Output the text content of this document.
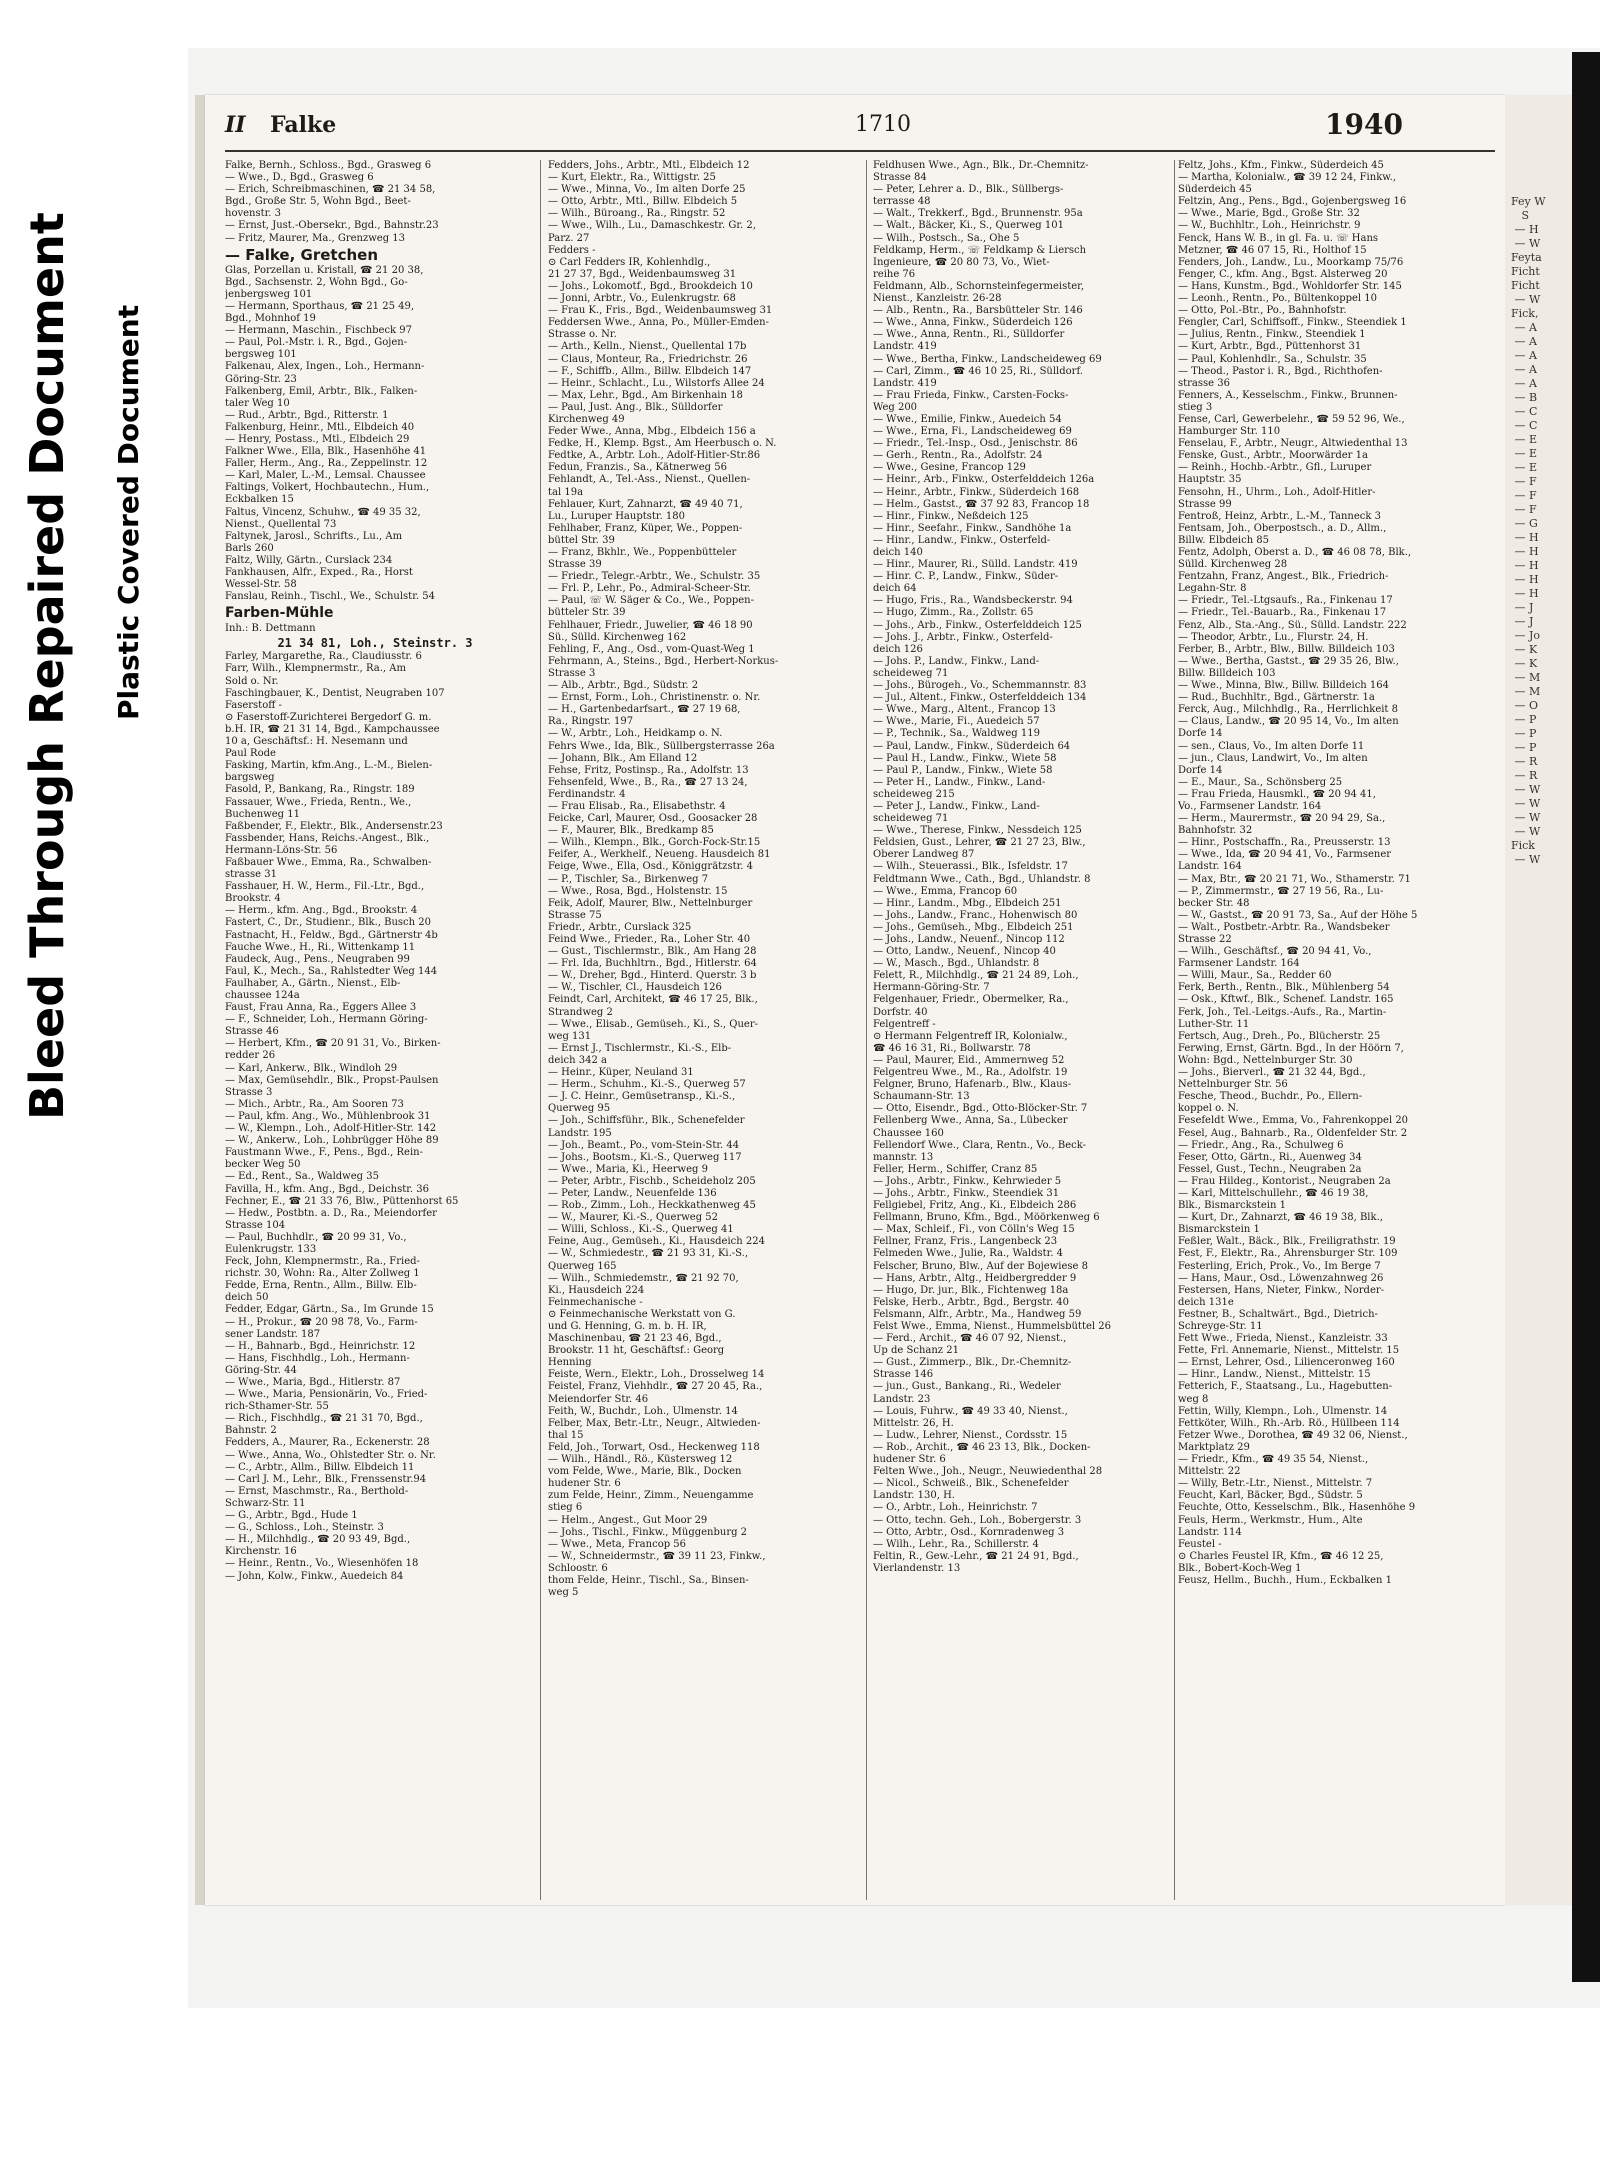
Bleed Through Repaired Document Plastic Covered Document
Fey W
S
— H
— W
Feyta
Ficht
Ficht
— W
Fick,
— A
— A
— A
— A
— A
— B
— C
— C
— E
— E
— E
— F
— F
— F
— G
— H
— H
— H
— H
— H
— J
— J
— Jo
— K
— K
— M
— M
— O
— P
— P
— P
— R
— R
— W
— W
— W
— W
Fick
— W
II Falke	1710	1940
Falke, Bernh., Schloss., Bgd., Grasweg 6
— Wwe., D., Bgd., Grasweg 6
— Erich, Schreibmaschinen, ☎ 21 34 58,
Bgd., Große Str. 5, Wohn Bgd., Beet-
hovenstr. 3
— Ernst, Just.-Obersekr., Bgd., Bahnstr.23
— Fritz, Maurer, Ma., Grenzweg 13
— Falke, Gretchen
Glas, Porzellan u. Kristall, ☎ 21 20 38,
Bgd., Sachsenstr. 2, Wohn Bgd., Go-
jenbergsweg 101
— Hermann, Sporthaus, ☎ 21 25 49,
Bgd., Mohnhof 19
— Hermann, Maschin., Fischbeck 97
— Paul, Pol.-Mstr. i. R., Bgd., Gojen-
bergsweg 101
Falkenau, Alex, Ingen., Loh., Hermann-
Göring-Str. 23
Falkenberg, Emil, Arbtr., Blk., Falken-
taler Weg 10
— Rud., Arbtr., Bgd., Ritterstr. 1
Falkenburg, Heinr., Mtl., Elbdeich 40
— Henry, Postass., Mtl., Elbdeich 29
Falkner Wwe., Ella, Blk., Hasenhöhe 41
Faller, Herm., Ang., Ra., Zeppelinstr. 12
— Karl, Maler, L.-M., Lemsal. Chaussee
Faltings, Volkert, Hochbautechn., Hum.,
Eckbalken 15
Faltus, Vincenz, Schuhw., ☎ 49 35 32,
Nienst., Quellental 73
Faltynek, Jarosl., Schrifts., Lu., Am
Barls 260
Faltz, Willy, Gärtn., Curslack 234
Fankhausen, Alfr., Exped., Ra., Horst
Wessel-Str. 58
Fanslau, Reinh., Tischl., We., Schulstr. 54
Farben-Mühle
Inh.: B. Dettmann
21 34 81, Loh., Steinstr. 3
Farley, Margarethe, Ra., Claudiusstr. 6
Farr, Wilh., Klempnermstr., Ra., Am
Sold o. Nr.
Faschingbauer, K., Dentist, Neugraben 107
Faserstoff -
⊙ Faserstoff-Zurichterei Bergedorf G. m.
b.H. IR, ☎ 21 31 14, Bgd., Kampchaussee
10 a, Geschäftsf.: H. Nesemann und
Paul Rode
Fasking, Martin, kfm.Ang., L.-M., Bielen-
bargsweg
Fasold, P., Bankang, Ra., Ringstr. 189
Fassauer, Wwe., Frieda, Rentn., We.,
Buchenweg 11
Faßbender, F., Elektr., Blk., Andersenstr.23
Fassbender, Hans, Reichs.-Angest., Blk.,
Hermann-Löns-Str. 56
Faßbauer Wwe., Emma, Ra., Schwalben-
strasse 31
Fasshauer, H. W., Herm., Fil.-Ltr., Bgd.,
Brookstr. 4
— Herm., kfm. Ang., Bgd., Brookstr. 4
Fastert, C., Dr., Studienr., Blk., Busch 20
Fastnacht, H., Feldw., Bgd., Gärtnerstr 4b
Fauche Wwe., H., Ri., Wittenkamp 11
Faudeck, Aug., Pens., Neugraben 99
Faul, K., Mech., Sa., Rahlstedter Weg 144
Faulhaber, A., Gärtn., Nienst., Elb-
chaussee 124a
Faust, Frau Anna, Ra., Eggers Allee 3
— F., Schneider, Loh., Hermann Göring-
Strasse 46
— Herbert, Kfm., ☎ 20 91 31, Vo., Birken-
redder 26
— Karl, Ankerw., Blk., Windloh 29
— Max, Gemüsehdlr., Blk., Propst-Paulsen
Strasse 3
— Mich., Arbtr., Ra., Am Sooren 73
— Paul, kfm. Ang., Wo., Mühlenbrook 31
— W., Klempn., Loh., Adolf-Hitler-Str. 142
— W., Ankerw., Loh., Lohbrügger Höhe 89
Faustmann Wwe., F., Pens., Bgd., Rein-
becker Weg 50
— Ed., Rent., Sa., Waldweg 35
Favilla, H., kfm. Ang., Bgd., Deichstr. 36
Fechner, E., ☎ 21 33 76, Blw., Püttenhorst 65
— Hedw., Postbtn. a. D., Ra., Meiendorfer
Strasse 104
— Paul, Buchhdlr., ☎ 20 99 31, Vo.,
Eulenkrugstr. 133
Feck, John, Klempnermstr., Ra., Fried-
richstr. 30, Wohn: Ra., Alter Zollweg 1
Fedde, Erna, Rentn., Allm., Billw. Elb-
deich 50
Fedder, Edgar, Gärtn., Sa., Im Grunde 15
— H., Prokur., ☎ 20 98 78, Vo., Farm-
sener Landstr. 187
— H., Bahnarb., Bgd., Heinrichstr. 12
— Hans, Fischhdlg., Loh., Hermann-
Göring-Str. 44
— Wwe., Maria, Bgd., Hitlerstr. 87
— Wwe., Maria, Pensionärin, Vo., Fried-
rich-Sthamer-Str. 55
— Rich., Fischhdlg., ☎ 21 31 70, Bgd.,
Bahnstr. 2
Fedders, A., Maurer, Ra., Eckenerstr. 28
— Wwe., Anna, Wo., Ohlstedter Str. o. Nr.
— C., Arbtr., Allm., Billw. Elbdeich 11
— Carl J. M., Lehr., Blk., Frenssenstr.94
— Ernst, Maschmstr., Ra., Berthold-
Schwarz-Str. 11
— G., Arbtr., Bgd., Hude 1
— G., Schloss., Loh., Steinstr. 3
— H., Milchhdlg., ☎ 20 93 49, Bgd.,
Kirchenstr. 16
— Heinr., Rentn., Vo., Wiesenhöfen 18
— John, Kolw., Finkw., Auedeich 84
Fedders, Johs., Arbtr., Mtl., Elbdeich 12
— Kurt, Elektr., Ra., Wittigstr. 25
— Wwe., Minna, Vo., Im alten Dorfe 25
— Otto, Arbtr., Mtl., Billw. Elbdeich 5
— Wilh., Büroang., Ra., Ringstr. 52
— Wwe., Wilh., Lu., Damaschkestr. Gr. 2,
Parz. 27
Fedders -
⊙ Carl Fedders IR, Kohlenhdlg.,
21 27 37, Bgd., Weidenbaumsweg 31
— Johs., Lokomotf., Bgd., Brookdeich 10
— Jonni, Arbtr., Vo., Eulenkrugstr. 68
— Frau K., Fris., Bgd., Weidenbaumsweg 31
Feddersen Wwe., Anna, Po., Müller-Emden-
Strasse o. Nr.
— Arth., Kelln., Nienst., Quellental 17b
— Claus, Monteur, Ra., Friedrichstr. 26
— F., Schiffb., Allm., Billw. Elbdeich 147
— Heinr., Schlacht., Lu., Wilstorfs Allee 24
— Max, Lehr., Bgd., Am Birkenhain 18
— Paul, Just. Ang., Blk., Sülldorfer
Kirchenweg 49
Feder Wwe., Anna, Mbg., Elbdeich 156 a
Fedke, H., Klemp. Bgst., Am Heerbusch o. N.
Fedtke, A., Arbtr. Loh., Adolf-Hitler-Str.86
Fedun, Franzis., Sa., Kätnerweg 56
Fehlandt, A., Tel.-Ass., Nienst., Quellen-
tal 19a
Fehlauer, Kurt, Zahnarzt, ☎ 49 40 71,
Lu., Luruper Hauptstr. 180
Fehlhaber, Franz, Küper, We., Poppen-
büttel Str. 39
— Franz, Bkhlr., We., Poppenbütteler
Strasse 39
— Friedr., Telegr.-Arbtr., We., Schulstr. 35
— Frl. P., Lehr., Po., Admiral-Scheer-Str.
— Paul, ☏ W. Säger & Co., We., Poppen-
bütteler Str. 39
Fehlhauer, Friedr., Juwelier, ☎ 46 18 90
Sü., Sülld. Kirchenweg 162
Fehling, F., Ang., Osd., vom-Quast-Weg 1
Fehrmann, A., Steins., Bgd., Herbert-Norkus-
Strasse 3
— Alb., Arbtr., Bgd., Südstr. 2
— Ernst, Form., Loh., Christinenstr. o. Nr.
— H., Gartenbedarfsart., ☎ 27 19 68,
Ra., Ringstr. 197
— W., Arbtr., Loh., Heidkamp o. N.
Fehrs Wwe., Ida, Blk., Süllbergsterrasse 26a
— Johann, Blk., Am Elland 12
Fehse, Fritz, Postinsp., Ra., Adolfstr. 13
Fehsenfeld, Wwe., B., Ra., ☎ 27 13 24,
Ferdinandstr. 4
— Frau Elisab., Ra., Elisabethstr. 4
Feicke, Carl, Maurer, Osd., Goosacker 28
— F., Maurer, Blk., Bredkamp 85
— Wilh., Klempn., Blk., Gorch-Fock-Str.15
Feifer, A., Werkhelf., Neueng. Hausdeich 81
Feige, Wwe., Ella, Osd., Königgrätzstr. 4
— P., Tischler, Sa., Birkenweg 7
— Wwe., Rosa, Bgd., Holstenstr. 15
Feik, Adolf, Maurer, Blw., Nettelnburger
Strasse 75
Friedr., Arbtr., Curslack 325
Feind Wwe., Frieder., Ra., Loher Str. 40
— Gust., Tischlermstr., Blk., Am Hang 28
— Frl. Ida, Buchhltrn., Bgd., Hitlerstr. 64
— W., Dreher, Bgd., Hinterd. Querstr. 3 b
— W., Tischler, Cl., Hausdeich 126
Feindt, Carl, Architekt, ☎ 46 17 25, Blk.,
Strandweg 2
— Wwe., Elisab., Gemüseh., Ki., S., Quer-
weg 131
— Ernst J., Tischlermstr., Ki.-S., Elb-
deich 342 a
— Heinr., Küper, Neuland 31
— Herm., Schuhm., Ki.-S., Querweg 57
— J. C. Heinr., Gemüsetransp., Ki.-S.,
Querweg 95
— Joh., Schiffsführ., Blk., Schenefelder
Landstr. 195
— Joh., Beamt., Po., vom-Stein-Str. 44
— Johs., Bootsm., Ki.-S., Querweg 117
— Wwe., Maria, Ki., Heerweg 9
— Peter, Arbtr., Fischb., Scheideholz 205
— Peter, Landw., Neuenfelde 136
— Rob., Zimm., Loh., Heckkathenweg 45
— W., Maurer, Ki.-S., Querweg 52
— Willi, Schloss., Ki.-S., Querweg 41
Feine, Aug., Gemüseh., Ki., Hausdeich 224
— W., Schmiedestr., ☎ 21 93 31, Ki.-S.,
Querweg 165
— Wilh., Schmiedemstr., ☎ 21 92 70,
Ki., Hausdeich 224
Feinmechanische -
⊙ Feinmechanische Werkstatt von G.
und G. Henning, G. m. b. H. IR,
Maschinenbau, ☎ 21 23 46, Bgd.,
Brookstr. 11 ht, Geschäftsf.: Georg
Henning
Feiste, Wern., Elektr., Loh., Drosselweg 14
Feistel, Franz, Viehhdlr., ☎ 27 20 45, Ra.,
Meiendorfer Str. 46
Feith, W., Buchdr., Loh., Ulmenstr. 14
Felber, Max, Betr.-Ltr., Neugr., Altwieden-
thal 15
Feld, Joh., Torwart, Osd., Heckenweg 118
— Wilh., Händl., Rö., Küstersweg 12
vom Felde, Wwe., Marie, Blk., Docken
hudener Str. 6
zum Felde, Heinr., Zimm., Neuengamme
stieg 6
— Helm., Angest., Gut Moor 29
— Johs., Tischl., Finkw., Müggenburg 2
— Wwe., Meta, Francop 56
— W., Schneidermstr., ☎ 39 11 23, Finkw.,
Schloostr. 6
thom Felde, Heinr., Tischl., Sa., Binsen-
weg 5
Feldhusen Wwe., Agn., Blk., Dr.-Chemnitz-
Strasse 84
— Peter, Lehrer a. D., Blk., Süllbergs-
terrasse 48
— Walt., Trekkerf., Bgd., Brunnenstr. 95a
— Walt., Bäcker, Ki., S., Querweg 101
— Wilh., Postsch., Sa., Ohe 5
Feldkamp, Herm., ☏ Feldkamp & Liersch
Ingenieure, ☎ 20 80 73, Vo., Wiet-
reihe 76
Feldmann, Alb., Schornsteinfegermeister,
Nienst., Kanzleistr. 26-28
— Alb., Rentn., Ra., Barsbütteler Str. 146
— Wwe., Anna, Finkw., Süderdeich 126
— Wwe., Anna, Rentn., Ri., Sülldorfer
Landstr. 419
— Wwe., Bertha, Finkw., Landscheideweg 69
— Carl, Zimm., ☎ 46 10 25, Ri., Sülldorf.
Landstr. 419
— Frau Frieda, Finkw., Carsten-Focks-
Weg 200
— Wwe., Emilie, Finkw., Auedeich 54
— Wwe., Erna, Fi., Landscheideweg 69
— Friedr., Tel.-Insp., Osd., Jenischstr. 86
— Gerh., Rentn., Ra., Adolfstr. 24
— Wwe., Gesine, Francop 129
— Heinr., Arb., Finkw., Osterfelddeich 126a
— Heinr., Arbtr., Finkw., Süderdeich 168
— Helm., Gastst., ☎ 37 92 83, Francop 18
— Hinr., Finkw., Neßdeich 125
— Hinr., Seefahr., Finkw., Sandhöhe 1a
— Hinr., Landw., Finkw., Osterfeld-
deich 140
— Hinr., Maurer, Ri., Sülld. Landstr. 419
— Hinr. C. P., Landw., Finkw., Süder-
deich 64
— Hugo, Fris., Ra., Wandsbeckerstr. 94
— Hugo, Zimm., Ra., Zollstr. 65
— Johs., Arb., Finkw., Osterfelddeich 125
— Johs. J., Arbtr., Finkw., Osterfeld-
deich 126
— Johs. P., Landw., Finkw., Land-
scheideweg 71
— Johs., Bürogeh., Vo., Schemmannstr. 83
— Jul., Altent., Finkw., Osterfelddeich 134
— Wwe., Marg., Altent., Francop 13
— Wwe., Marie, Fi., Auedeich 57
— P., Technik., Sa., Waldweg 119
— Paul, Landw., Finkw., Süderdeich 64
— Paul H., Landw., Finkw., Wiete 58
— Paul P., Landw., Finkw., Wiete 58
— Peter H., Landw., Finkw., Land-
scheideweg 215
— Peter J., Landw., Finkw., Land-
scheideweg 71
— Wwe., Therese, Finkw., Nessdeich 125
Feldsien, Gust., Lehrer, ☎ 21 27 23, Blw.,
Oberer Landweg 87
— Wilh., Steuerassi., Blk., Isfeldstr. 17
Feldtmann Wwe., Cath., Bgd., Uhlandstr. 8
— Wwe., Emma, Francop 60
— Hinr., Landm., Mbg., Elbdeich 251
— Johs., Landw., Franc., Hohenwisch 80
— Johs., Gemüseh., Mbg., Elbdeich 251
— Johs., Landw., Neuenf., Nincop 112
— Otto, Landw., Neuenf., Nincop 40
— W., Masch., Bgd., Uhlandstr. 8
Felett, R., Milchhdlg., ☎ 21 24 89, Loh.,
Hermann-Göring-Str. 7
Felgenhauer, Friedr., Obermelker, Ra.,
Dorfstr. 40
Felgentreff -
⊙ Hermann Felgentreff IR, Kolonialw.,
☎ 46 16 31, Ri., Bollwarstr. 78
— Paul, Maurer, Eid., Ammernweg 52
Felgentreu Wwe., M., Ra., Adolfstr. 19
Felgner, Bruno, Hafenarb., Blw., Klaus-
Schaumann-Str. 13
— Otto, Eisendr., Bgd., Otto-Blöcker-Str. 7
Fellenberg Wwe., Anna, Sa., Lübecker
Chaussee 160
Fellendorf Wwe., Clara, Rentn., Vo., Beck-
mannstr. 13
Feller, Herm., Schiffer, Cranz 85
— Johs., Arbtr., Finkw., Kehrwieder 5
— Johs., Arbtr., Finkw., Steendiek 31
Fellgiebel, Fritz, Ang., Ki., Elbdeich 286
Fellmann, Bruno, Kfm., Bgd., Möörkenweg 6
— Max, Schleif., Fi., von Cölln's Weg 15
Fellner, Franz, Fris., Langenbeck 23
Felmeden Wwe., Julie, Ra., Waldstr. 4
Felscher, Bruno, Blw., Auf der Bojewiese 8
— Hans, Arbtr., Altg., Heidbergredder 9
— Hugo, Dr. jur., Blk., Fichtenweg 18a
Felske, Herb., Arbtr., Bgd., Bergstr. 40
Felsmann, Alfr., Arbtr., Ma., Handweg 59
Felst Wwe., Emma, Nienst., Hummelsbüttel 26
— Ferd., Archit., ☎ 46 07 92, Nienst.,
Up de Schanz 21
— Gust., Zimmerp., Blk., Dr.-Chemnitz-
Strasse 146
— jun., Gust., Bankang., Ri., Wedeler
Landstr. 23
— Louis, Fuhrw., ☎ 49 33 40, Nienst.,
Mittelstr. 26, H.
— Ludw., Lehrer, Nienst., Cordsstr. 15
— Rob., Archit., ☎ 46 23 13, Blk., Docken-
hudener Str. 6
Felten Wwe., Joh., Neugr., Neuwiedenthal 28
— Nicol., Schweiß., Blk., Schenefelder
Landstr. 130, H.
— O., Arbtr., Loh., Heinrichstr. 7
— Otto, techn. Geh., Loh., Bobergerstr. 3
— Otto, Arbtr., Osd., Kornradenweg 3
— Wilh., Lehr., Ra., Schillerstr. 4
Feltin, R., Gew.-Lehr., ☎ 21 24 91, Bgd.,
Vierlandenstr. 13
Feltz, Johs., Kfm., Finkw., Süderdeich 45
— Martha, Kolonialw., ☎ 39 12 24, Finkw.,
Süderdeich 45
Feltzin, Ang., Pens., Bgd., Gojenbergsweg 16
— Wwe., Marie, Bgd., Große Str. 32
— W., Buchhltr., Loh., Heinrichstr. 9
Fenck, Hans W. B., in gl. Fa. u. ☏ Hans
Metzner, ☎ 46 07 15, Ri., Holthof 15
Fenders, Joh., Landw., Lu., Moorkamp 75/76
Fenger, C., kfm. Ang., Bgst. Alsterweg 20
— Hans, Kunstm., Bgd., Wohldorfer Str. 145
— Leonh., Rentn., Po., Bültenkoppel 10
— Otto, Pol.-Btr., Po., Bahnhofstr.
Fengler, Carl, Schiffsoff., Finkw., Steendiek 1
— Julius, Rentn., Finkw., Steendiek 1
— Kurt, Arbtr., Bgd., Püttenhorst 31
— Paul, Kohlenhdlr., Sa., Schulstr. 35
— Theod., Pastor i. R., Bgd., Richthofen-
strasse 36
Fenners, A., Kesselschm., Finkw., Brunnen-
stieg 3
Fense, Carl, Gewerbelehr., ☎ 59 52 96, We.,
Hamburger Str. 110
Fenselau, F., Arbtr., Neugr., Altwiedenthal 13
Fenske, Gust., Arbtr., Moorwärder 1a
— Reinh., Hochb.-Arbtr., Gfl., Luruper
Hauptstr. 35
Fensohn, H., Uhrm., Loh., Adolf-Hitler-
Strasse 99
Fentroß, Heinz, Arbtr., L.-M., Tanneck 3
Fentsam, Joh., Oberpostsch., a. D., Allm.,
Billw. Elbdeich 85
Fentz, Adolph, Oberst a. D., ☎ 46 08 78, Blk.,
Sülld. Kirchenweg 28
Fentzahn, Franz, Angest., Blk., Friedrich-
Legahn-Str. 8
— Friedr., Tel.-Ltgsaufs., Ra., Finkenau 17
— Friedr., Tel.-Bauarb., Ra., Finkenau 17
Fenz, Alb., Sta.-Ang., Sü., Sülld. Landstr. 222
— Theodor, Arbtr., Lu., Flurstr. 24, H.
Ferber, B., Arbtr., Blw., Billw. Billdeich 103
— Wwe., Bertha, Gastst., ☎ 29 35 26, Blw.,
Billw. Billdeich 103
— Wwe., Minna, Blw., Billw. Billdeich 164
— Rud., Buchhltr., Bgd., Gärtnerstr. 1a
Ferck, Aug., Milchhdlg., Ra., Herrlichkeit 8
— Claus, Landw., ☎ 20 95 14, Vo., Im alten
Dorfe 14
— sen., Claus, Vo., Im alten Dorfe 11
— jun., Claus, Landwirt, Vo., Im alten
Dorfe 14
— E., Maur., Sa., Schönsberg 25
— Frau Frieda, Hausmkl., ☎ 20 94 41,
Vo., Farmsener Landstr. 164
— Herm., Maurermstr., ☎ 20 94 29, Sa.,
Bahnhofstr. 32
— Hinr., Postschaffn., Ra., Preusserstr. 13
— Wwe., Ida, ☎ 20 94 41, Vo., Farmsener
Landstr. 164
— Max, Btr., ☎ 20 21 71, Wo., Sthamerstr. 71
— P., Zimmermstr., ☎ 27 19 56, Ra., Lu-
becker Str. 48
— W., Gastst., ☎ 20 91 73, Sa., Auf der Höhe 5
— Walt., Postbetr.-Arbtr. Ra., Wandsbeker
Strasse 22
— Wilh., Geschäftsf., ☎ 20 94 41, Vo.,
Farmsener Landstr. 164
— Willi, Maur., Sa., Redder 60
Ferk, Berth., Rentn., Blk., Mühlenberg 54
— Osk., Kftwf., Blk., Schenef. Landstr. 165
Ferk, Joh., Tel.-Leitgs.-Aufs., Ra., Martin-
Luther-Str. 11
Fertsch, Aug., Dreh., Po., Blücherstr. 25
Ferwing, Ernst, Gärtn. Bgd., In der Höörn 7,
Wohn: Bgd., Nettelnburger Str. 30
— Johs., Bierverl., ☎ 21 32 44, Bgd.,
Nettelnburger Str. 56
Fesche, Theod., Buchdr., Po., Ellern-
koppel o. N.
Fesefeldt Wwe., Emma, Vo., Fahrenkoppel 20
Fesel, Aug., Bahnarb., Ra., Oldenfelder Str. 2
— Friedr., Ang., Ra., Schulweg 6
Feser, Otto, Gärtn., Ri., Auenweg 34
Fessel, Gust., Techn., Neugraben 2a
— Frau Hildeg., Kontorist., Neugraben 2a
— Karl, Mittelschullehr., ☎ 46 19 38,
Blk., Bismarckstein 1
— Kurt, Dr., Zahnarzt, ☎ 46 19 38, Blk.,
Bismarckstein 1
Feßler, Walt., Bäck., Blk., Freiligrathstr. 19
Fest, F., Elektr., Ra., Ahrensburger Str. 109
Festerling, Erich, Prok., Vo., Im Berge 7
— Hans, Maur., Osd., Löwenzahnweg 26
Festersen, Hans, Nieter, Finkw., Norder-
deich 131e
Festner, B., Schaltwärt., Bgd., Dietrich-
Schreyge-Str. 11
Fett Wwe., Frieda, Nienst., Kanzleistr. 33
Fette, Frl. Annemarie, Nienst., Mittelstr. 15
— Ernst, Lehrer, Osd., Lilienceronweg 160
— Hinr., Landw., Nienst., Mittelstr. 15
Fetterich, F., Staatsang., Lu., Hagebutten-
weg 8
Fettin, Willy, Klempn., Loh., Ulmenstr. 14
Fettköter, Wilh., Rh.-Arb. Rö., Hüllbeen 114
Fetzer Wwe., Dorothea, ☎ 49 32 06, Nienst.,
Marktplatz 29
— Friedr., Kfm., ☎ 49 35 54, Nienst.,
Mittelstr. 22
— Willy, Betr.-Ltr., Nienst., Mittelstr. 7
Feucht, Karl, Bäcker, Bgd., Südstr. 5
Feuchte, Otto, Kesselschm., Blk., Hasenhöhe 9
Feuls, Herm., Werkmstr., Hum., Alte
Landstr. 114
Feustel -
⊙ Charles Feustel IR, Kfm., ☎ 46 12 25,
Blk., Bobert-Koch-Weg 1
Feusz, Hellm., Buchh., Hum., Eckbalken 1
